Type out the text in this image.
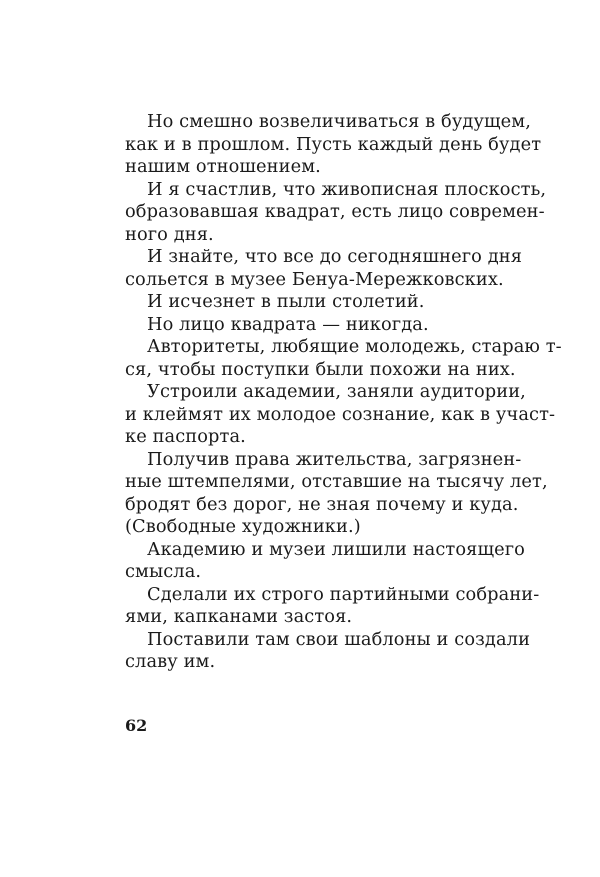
Но смешно возвеличиваться в будущем,
как и в прошлом. Пусть каждый день будет
нашим отношением.
И я счастлив, что живописная плоскость,
образовавшая квадрат, есть лицо современ-
ного дня.
И знайте, что все до сегодняшнего дня
сольется в музее Бенуа-Мережковских.
И исчезнет в пыли столетий.
Но лицо квадрата — никогда.
Авторитеты, любящие молодежь, стараю т-
ся, чтобы поступки были похожи на них.
Устроили академии, заняли аудитории,
и клеймят их молодое сознание, как в участ-
ке паспорта.
Получив права жительства, загрязнен-
ные штемпелями, отставшие на тысячу лет,
бродят без дорог, не зная почему и куда.
(Свободные художники.)
Академию и музеи лишили настоящего
смысла.
Сделали их строго партийными собрани-
ями, капканами застоя.
Поставили там свои шаблоны и создали
славу им.
62
